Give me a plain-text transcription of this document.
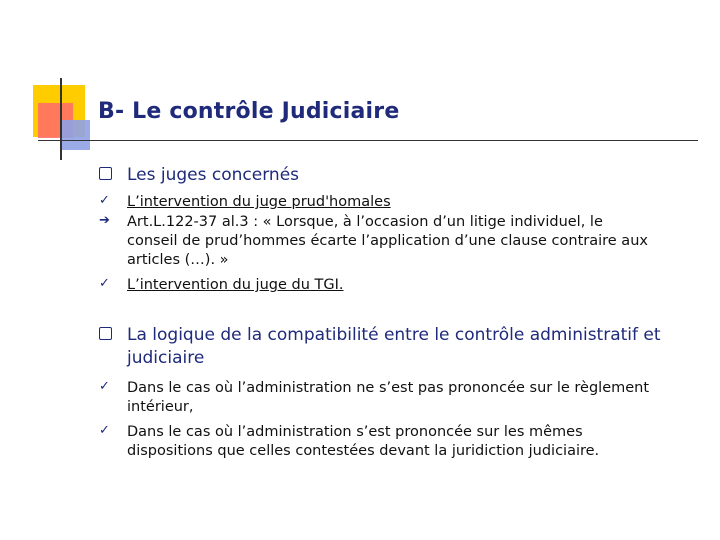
B- Le contrôle Judiciaire
Les juges concernés
✓ L’intervention du juge prud'homales
➔ Art.L.122-37 al.3 : « Lorsque, à l’occasion d’un litige individuel, le
conseil de prud’hommes écarte l’application d’une clause contraire aux
articles (…). »
✓ L’intervention du juge du TGI.
La logique de la compatibilité entre le contrôle administratif et
judiciaire
✓ Dans le cas où l’administration ne s’est pas prononcée sur le règlement
intérieur,
✓ Dans le cas où l’administration s’est prononcée sur les mêmes
dispositions que celles contestées devant la juridiction judiciaire.
